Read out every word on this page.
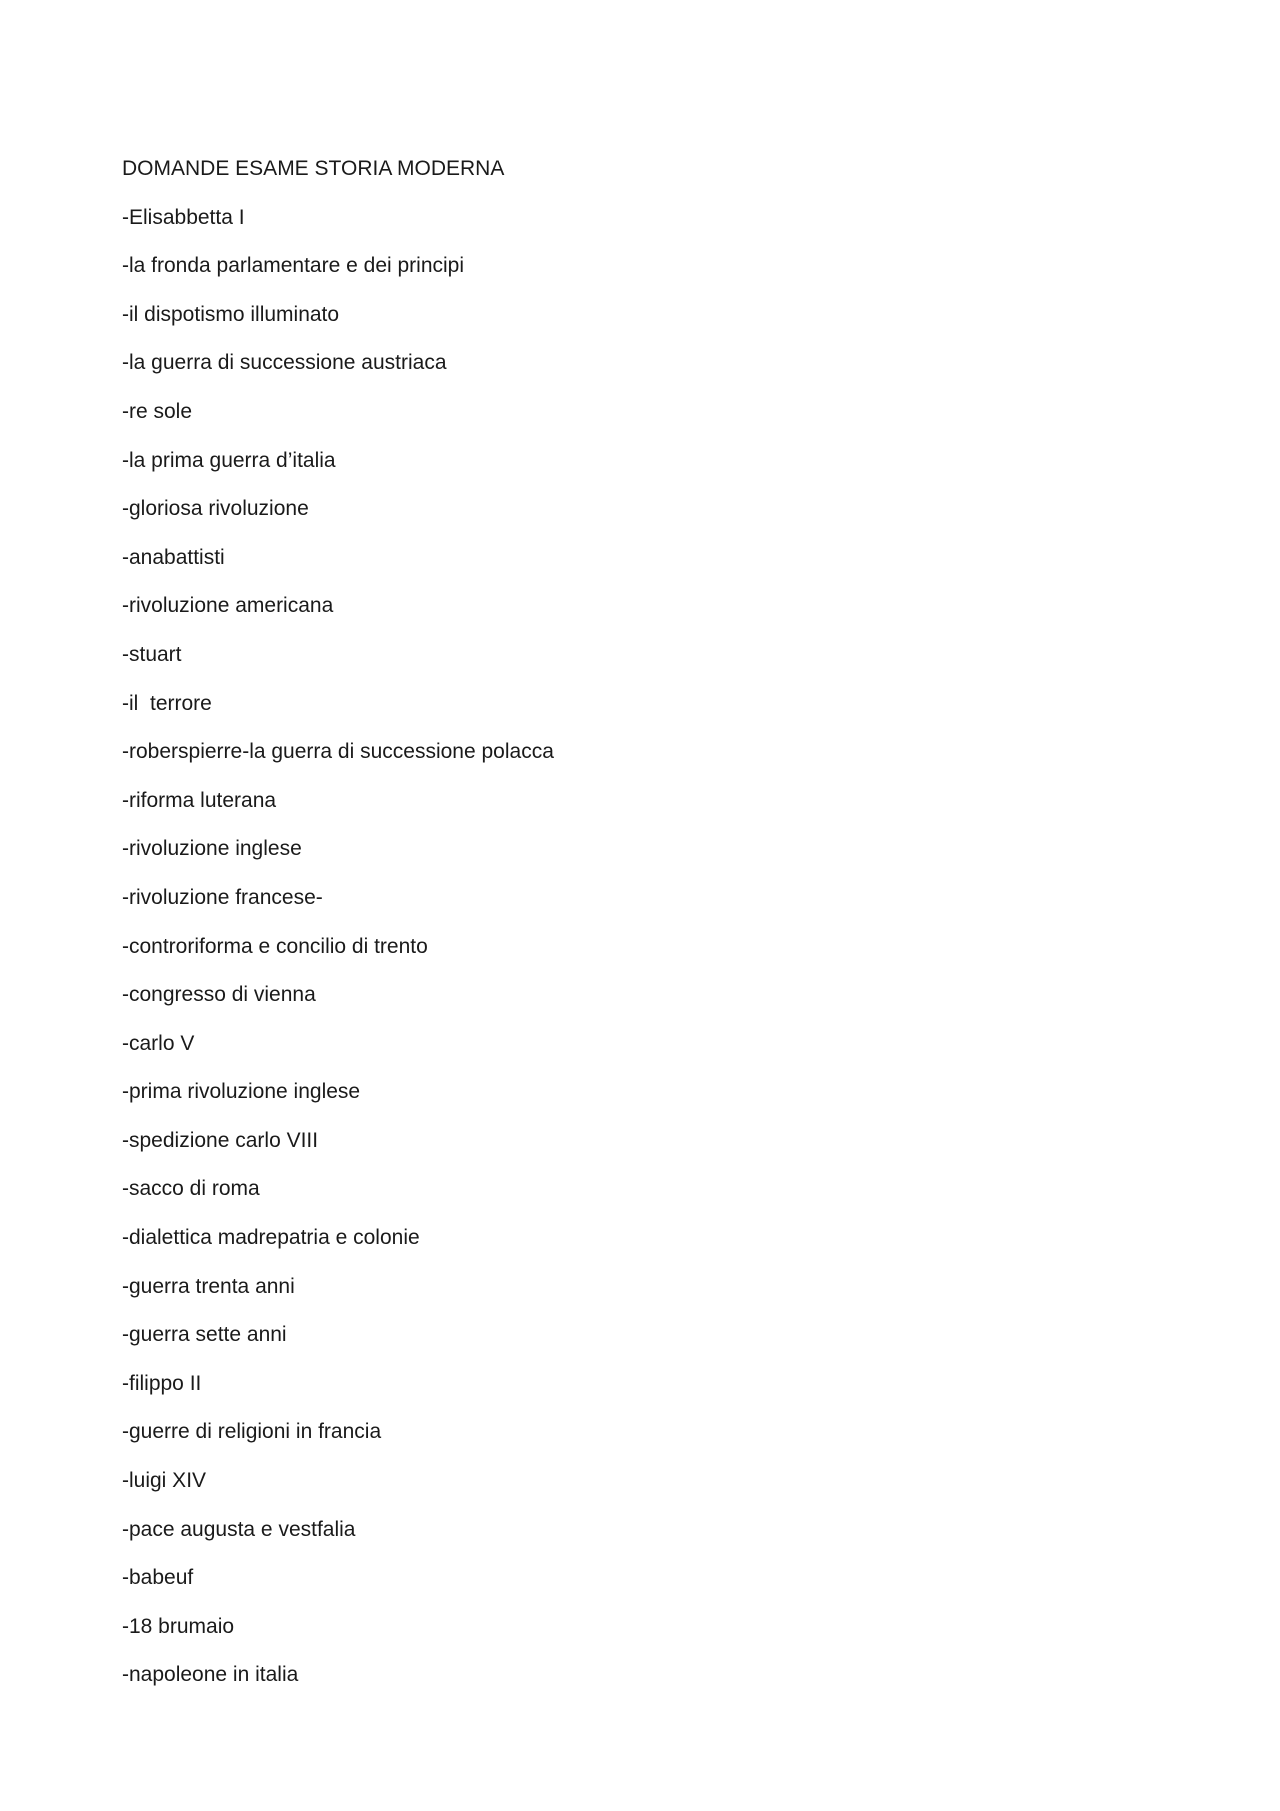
DOMANDE ESAME STORIA MODERNA
-Elisabbetta I
-la fronda parlamentare e dei principi
-il dispotismo illuminato
-la guerra di successione austriaca
-re sole
-la prima guerra d’italia
-gloriosa rivoluzione
-anabattisti
-rivoluzione americana
-stuart
-il  terrore
-roberspierre-la guerra di successione polacca
-riforma luterana
-rivoluzione inglese
-rivoluzione francese-
-controriforma e concilio di trento
-congresso di vienna
-carlo V
-prima rivoluzione inglese
-spedizione carlo VIII
-sacco di roma
-dialettica madrepatria e colonie
-guerra trenta anni
-guerra sette anni
-filippo II
-guerre di religioni in francia
-luigi XIV
-pace augusta e vestfalia
-babeuf
-18 brumaio
-napoleone in italia
